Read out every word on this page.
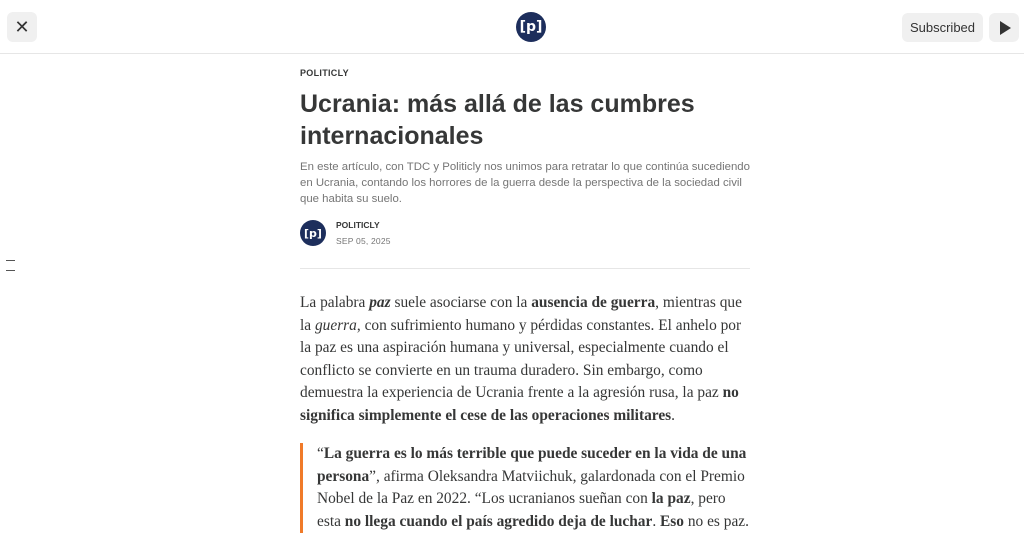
✕	[p]	Subscribed
POLITICLY
Ucrania: más allá de las cumbres internacionales
En este artículo, con TDC y Politicly nos unimos para retratar lo que continúa sucediendo en Ucrania, contando los horrores de la guerra desde la perspectiva de la sociedad civil que habita su suelo.
[p]
POLITICLY
SEP 05, 2025

La palabra paz suele asociarse con la ausencia de guerra, mientras que la guerra, con sufrimiento humano y pérdidas constantes. El anhelo por la paz es una aspiración humana y universal, especialmente cuando el conflicto se convierte en un trauma duradero. Sin embargo, como demuestra la experiencia de Ucrania frente a la agresión rusa, la paz no significa simplemente el cese de las operaciones militares.

“La guerra es lo más terrible que puede suceder en la vida de una persona”, afirma Oleksandra Matviichuk, galardonada con el Premio Nobel de la Paz en 2022. “Los ucranianos sueñan con la paz, pero esta no llega cuando el país agredido deja de luchar. Eso no es paz.
